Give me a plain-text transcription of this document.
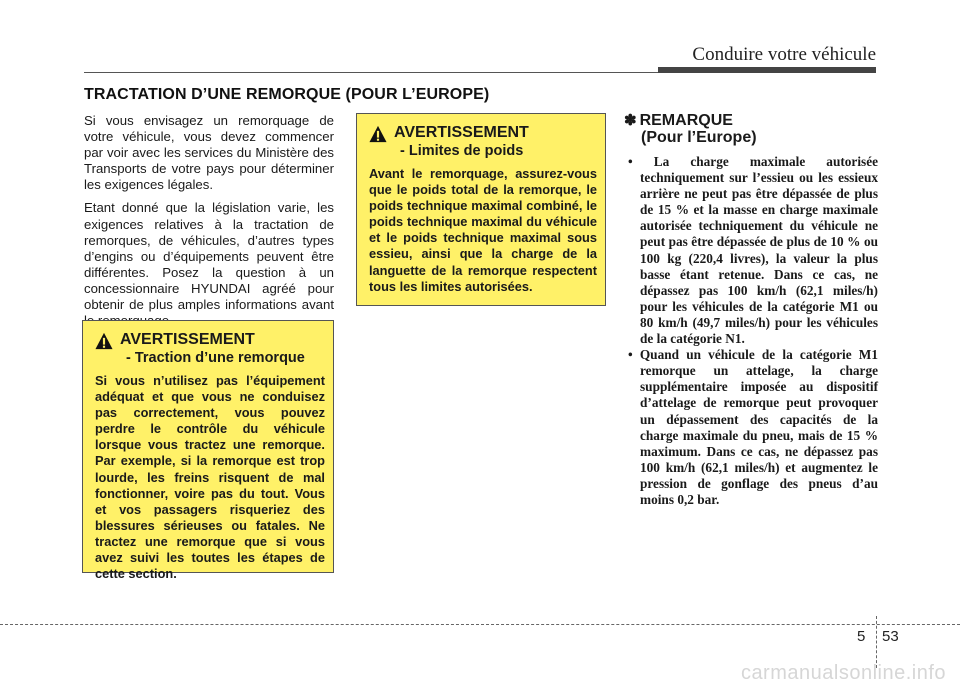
Conduire votre véhicule
TRACTATION D’UNE REMORQUE (POUR L’EUROPE)

Si vous envisagez un remorquage de votre véhicule, vous devez commencer par voir avec les services du Ministère des Transports de votre pays pour déterminer les exigences légales.

Etant donné que la législation varie, les exigences relatives à la tractation de remorques, de véhicules, d’autres types d’engins ou d’équipements peuvent être différentes. Posez la question à un concessionnaire HYUNDAI agréé pour obtenir de plus amples informations avant

AVERTISSEMENT
- Traction d’une remorque
Si vous n’utilisez pas l’équipement adéquat et que vous ne conduisez pas correctement, vous pouvez perdre le contrôle du véhicule lorsque vous tractez une remorque. Par exemple, si la remorque est trop lourde, les freins risquent de mal fonctionner, voire pas du tout. Vous et vos passagers risqueriez des blessures sérieuses ou fatales. Ne tractez une remorque que si vous avez suivi les toutes les étapes de cette section.
AVERTISSEMENT
- Limites de poids
Avant le remorquage, assurez-vous que le poids total de la remorque, le poids technique maximal combiné, le poids technique maximal du véhicule et le poids technique maximal sous essieu, ainsi que la charge de la languette de la remorque respectent tous les limites autorisées.
✽ REMARQUE
(Pour l’Europe)
• La charge maximale autorisée techniquement sur l’essieu ou les essieux arrière ne peut pas être dépassée de plus de 15 % et la masse en charge maximale autorisée techniquement du véhicule ne peut pas être dépassée de plus de 10 % ou 100 kg (220,4 livres), la valeur la plus basse étant retenue. Dans ce cas, ne dépassez pas 100 km/h (62,1 miles/h) pour les véhicules de la catégorie M1 ou 80 km/h (49,7 miles/h) pour les véhicules de la catégorie N1.
• Quand un véhicule de la catégorie M1 remorque un attelage, la charge supplémentaire imposée au dispositif d’attelage de remorque peut provoquer un dépassement des capacités de la charge maximale du pneu, mais de 15 % maximum. Dans ce cas, ne dépassez pas 100 km/h (62,1 miles/h) et augmentez le pression de gonflage des pneus d’au moins 0,2 bar.
5 53
carmanualsonline.info
